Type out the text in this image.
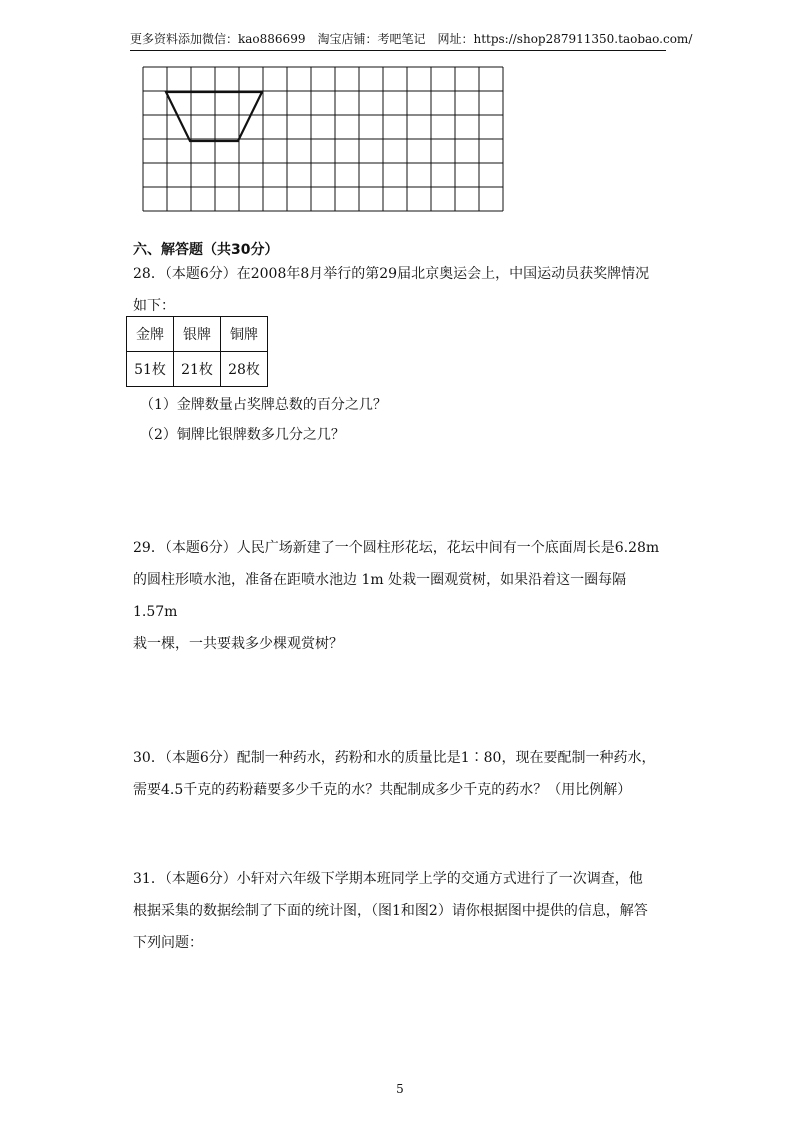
更多资料添加微信：kao886699　淘宝店铺：考吧笔记　网址：https://shop287911350.taobao.com/
六、解答题（共30分）

28．（本题6分）在2008年8月举行的第29届北京奥运会上，中国运动员获奖牌情况

如下：

金牌	银牌	铜牌
51枚	21枚	28枚
（1）金牌数量占奖牌总数的百分之几？
（2）铜牌比银牌数多几分之几？

29．（本题6分）人民广场新建了一个圆柱形花坛，花坛中间有一个底面周长是6.28m

的圆柱形喷水池，准备在距喷水池边 1m 处栽一圈观赏树，如果沿着这一圈每隔 1.57m

栽一棵，一共要栽多少棵观赏树？

30．（本题6分）配制一种药水，药粉和水的质量比是1∶80，现在要配制一种药水，

需要4.5千克的药粉藉要多少千克的水？共配制成多少千克的药水？（用比例解）

31．（本题6分）小轩对六年级下学期本班同学上学的交通方式进行了一次调查，他

根据采集的数据绘制了下面的统计图，（图1和图2）请你根据图中提供的信息，解答

下列问题：

5
